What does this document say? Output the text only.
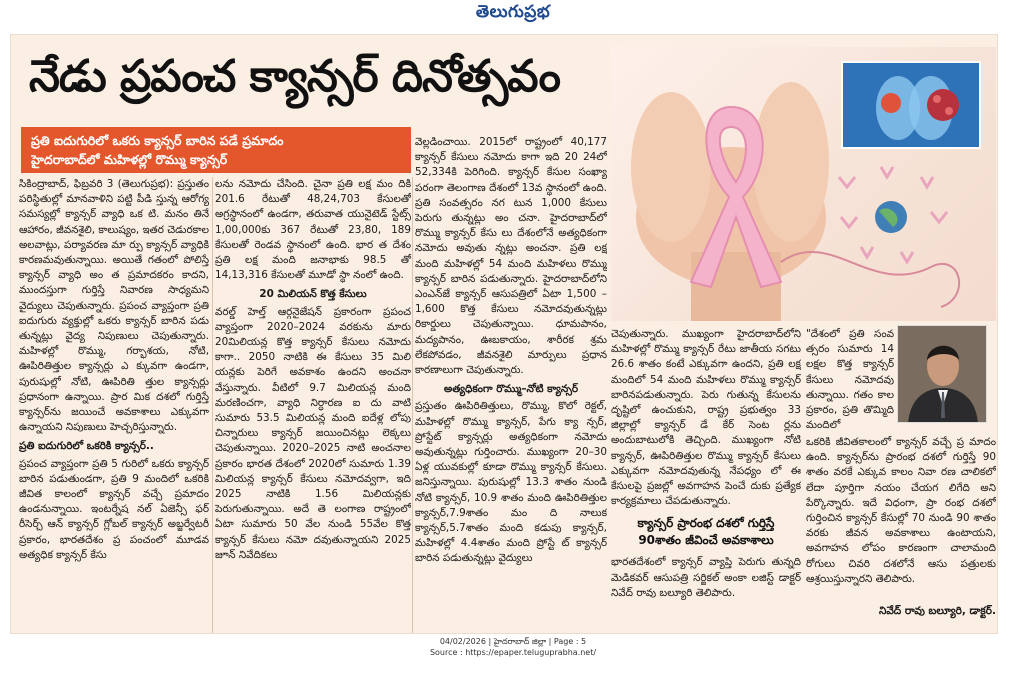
తెలుగుప్రభ
నేడు ప్రపంచ క్యాన్సర్ దినోత్సవం
ప్రతి ఐదుగురిలో ఒకరు క్యాన్సర్ బారిన పడే ప్రమాదం
హైదరాబాద్‌లో మహిళల్లో రొమ్ము క్యాన్సర్

సికింద్రాబాద్, ఫిబ్రవరి 3 (తెలుగుప్రభ): ప్రస్తుతం పరిస్థితుల్లో మానవాళిని పట్టి పీడి స్తున్న ఆరోగ్య సమస్యల్లో క్యాన్సర్ వ్యాధి ఒక టి. మనం తినే ఆహారం, జీవనశైలి, కాలుష్యం, ఇతర చెడురకాల అలవాట్లు, పర్యావరణ మా ర్పు క్యాన్సర్ వ్యాధికి కారణమవుతున్నాయి. అయితే గతంలో పోలిస్తే క్యాన్సర్ వ్యాధి అం త ప్రమాదకరం కాదని, ముందస్తుగా గుర్తిస్తే నివారణ సాధ్యమని వైద్యులు చెపుతున్నారు. ప్రపంచ వ్యాప్తంగా ప్రతి ఐదుగురు వ్యక్తుల్లో ఒకరు క్యాన్సర్ బారిన పడు తున్నట్లు వైద్య నిపుణులు చెపుతున్నారు. మహిళల్లో రొమ్ము, గర్భాశయ, నోటి, ఊపిరితిత్తుల క్యాన్సర్లు ఎ క్కువగా ఉండగా, పురుషుల్లో నోటి, ఊపిరితి త్తుల క్యాన్సర్లు ప్రధానంగా ఉన్నాయి. ప్రార మిక దశలో గుర్తిస్తే క్యాన్సర్‌ను జయించే అవకాశాలు ఎక్కువగా ఉన్నాయని నిపుణులు హెచ్చరిస్తున్నారు.

ప్రతి ఐదుగురిలో ఒకరికి క్యాన్సర్..

ప్రపంచ వ్యాప్తంగా ప్రతి 5 గురిలో ఒకరు క్యాన్సర్ బారిన పడుతుండగా, ప్రతి 9 మందిలో ఒకరికి జీవిత కాలంలో క్యాన్సర్ వచ్చే ప్రమాదం ఉండనున్నాయి. ఇంటర్నేష నల్ ఏజెన్సీ ఫర్ రీసెర్చ్ ఆన్ క్యాన్సర్ గ్లోబల్ క్యాన్సర్ అబ్జర్వేటరీ ప్రకారం, భారతదేశం ప్ర పంచంలో మూడవ అత్యధిక క్యాన్సర్ కేసు

లను నమోదు చేసింది. చైనా ప్రతి లక్ష మం దికి 201.6 రేటుతో 48,24,703 కేసులతో అగ్రస్థానంలో ఉండగా, తరువాత యునైటెడ్ స్టేట్స్ 1,00,000కు 367 రేటుతో 23,80, 189 కేసులతో రెండవ స్థానంలో ఉంది. భార త దేశం ప్రతి లక్ష మంది జనాభాకు 98.5 తో 14,13,316 కేసులతో మూడో స్థా నంలో ఉంది.

20 మిలియన్ కొత్త కేసులు

వరల్డ్ హెల్త్ ఆర్గనైజేషన్ ప్రకారంగా ప్రపంచ వ్యాప్తంగా 2020–2024 వరకును మారు 20మిలియన్ల కొత్త క్యాన్సర్ కేసులు నమోదు కాగా.. 2050 నాటికి ఈ కేసులు 35 మిలి యన్లకు పెరిగే అవకాశం ఉందని అంచనా వేస్తున్నారు. వీటిలో 9.7 మిలియన్ల మంది మరణించగా, వ్యాధి నిర్ధారణ ఐ దు వాటి సుమారు 53.5 మిలియన్ల మంది ఐదేళ్ల లోపు చిన్నారులు క్యాన్సర్ జయించినట్లు లెక్కలు చెపుతున్నాయి. 2020–2025 నాటి అంచనాల ప్రకారం భారత దేశంలో 2020లో సుమారు 1.39 మిలియన్ల క్యాన్సర్ కేసులు నమోదవ్వగా, ఇది 2025 నాటికి 1.56 మిలియన్లకు పెరుగుతున్నాయి. అదే తె లంగాణ రాష్ట్రంలో ఏటా సుమారు 50 వేల నుండి 55వేల కొత్త క్యాన్సర్ కేసులు నమో దవుతున్నాయని 2025 జూన్ నివేదికలు

వెల్లడించాయి. 2015లో రాష్ట్రంలో 40,177 క్యాన్సర్ కేసులు నమోదు కాగా ఇది 20 24లో 52,334కి పెరిగింది. క్యాన్సర్ కేసుల సంఖ్యా పరంగా తెలంగాణ దేశంలో 13వ స్థానంలో ఉంది. ప్రతి సంవత్సరం నగ టున 1,000 కేసులు పెరుగు తున్నట్లు అం చనా. హైదరాబాద్‌లో రొమ్ము క్యాన్సర్ కేసు లు దేశంలోనే అత్యధికంగా నమోదు అవుతు న్నట్లు అంచనా. ప్రతి లక్ష మంది మహిళల్లో 54 మంది మహిళలు రొమ్ము క్యాన్సర్ బారిన పడుతున్నారు. హైదరాబాద్‌లోని ఎంఎన్‌జే క్యాన్సర్ ఆసుపత్రిలో ఏటా 1,500 –1,600 కొత్త కేసులు నమోదవుతున్నట్లు రికార్డులు చెపుతున్నాయి. ధూమపానం, మద్యపానం, ఊబకాయం, శారీరక శ్రమ లేకపోవడం, జీవనశైలి మార్పులు ప్రధాన కారణాలుగా చెపుతున్నారు.

అత్యధికంగా రొమ్ము–నోటి క్యాన్సర్

ప్రస్తుతం ఊపిరితిత్తులు, రొమ్ము, కొలో రెక్టల్, మహిళల్లో రొమ్ము క్యాన్సర్, పేగు క్యా న్సర్, ప్రోస్టేట్ క్యాన్సర్లు అత్యధికంగా నమోదు అవుతున్నట్లు గుర్తించారు. ముఖ్యంగా 20–30 ఏళ్ల యువకుల్లో కూడా రొమ్ము క్యాన్సర్ కేసులు. జనిస్తున్నాయి. పురుషుల్లో 13.3 శాతం నుండి నోటి క్యాన్సర్, 10.9 శాతం మంది ఊపిరితిత్తుల క్యాన్సర్,7.9శాతం మం ది నాలుక క్యాన్సర్,5.7శాతం మంది కడుపు క్యాన్సర్, మహిళల్లో 4.4శాతం మంది ప్రోస్టే ట్ క్యాన్సర్ బారిన పడుతున్నట్లు వైద్యులు

చెపుతున్నారు. ముఖ్యంగా హైదరాబాద్‌లోని మహిళల్లో రొమ్ము క్యాన్సర్ రేటు జాతీయ సగటు 26.6 శాతం కంటే ఎక్కువగా ఉందని, ప్రతి లక్ష మందిలో 54 మంది మహిళలు రొమ్ము క్యాన్సర్ బారినపడుతున్నారు. పెరు గుతున్న కేసులను దృష్టిలో ఉంచుకుని, రాష్ట్ర ప్రభుత్వం 33 జిల్లాల్లో క్యాన్సర్ డే కేర్ సెంట ర్లను అందుబాటులోకి తెచ్చింది. ముఖ్యంగా నోటి క్యాన్సర్, ఊపిరితిత్తుల రొమ్ము క్యాన్సర్ కేసులు ఎక్కువగా నమోదవుతున్న నేపధ్యం లో ఈ కేసులపై ప్రజల్లో అవగాహన పెంచే దుకు ప్రత్యేక కార్యక్రమాలు చేపడుతున్నారు.

క్యాన్సర్ ప్రారంభ దశలో గుర్తిస్తే
90శాతం జీవించే అవకాశాలు

భారతదేశంలో క్యాన్సర్ వ్యాప్తి పెరుగు తున్నది మెడికవర్ ఆసుపత్రి సర్జికల్ అంకా లజిస్ట్ డాక్టర్ నివేద్ రావు బల్యూరి తెలిపారు.

"దేశంలో ప్రతి సంవ త్సరం సుమారు 14 లక్షల కొత్త క్యాన్సర్ కేసులు నమోదవు తున్నాయి. గతం కాల ప్రకారం, ప్రతి తొమ్మిది మందిలో

ఒకరికి జీవితకాలంలో క్యాన్సర్ వచ్చే ప్ర మాదం ఉంది. క్యాన్సర్‌ను ప్రారంభ దశలో గుర్తిస్తే 90 శాతం వరకే ఎక్కువ కాలం నివా రణ చాలికలో లేదా పూర్తిగా నయం చేయగ లిగేది అని పేర్కొన్నారు. ఇదే విధంగా, ప్రా రంభ దశలో గుర్తించిన క్యాన్సర్ కేసుల్లో 70 నుండి 90 శాతం వరకు జీవన అవకాశాలు ఉంటాయని, అవగాహన లోపం కారణంగా చాలామంది రోగులు చివరి దశలోనే ఆసు పత్రులకు ఆశ్రయిస్తున్నారని తెలిపారు.

నివేద్ రావు బల్యూరి, డాక్టర్.
04/02/2026 | హైదరాబాద్ జిల్లా | Page : 5
Source : https://epaper.teluguprabha.net/
